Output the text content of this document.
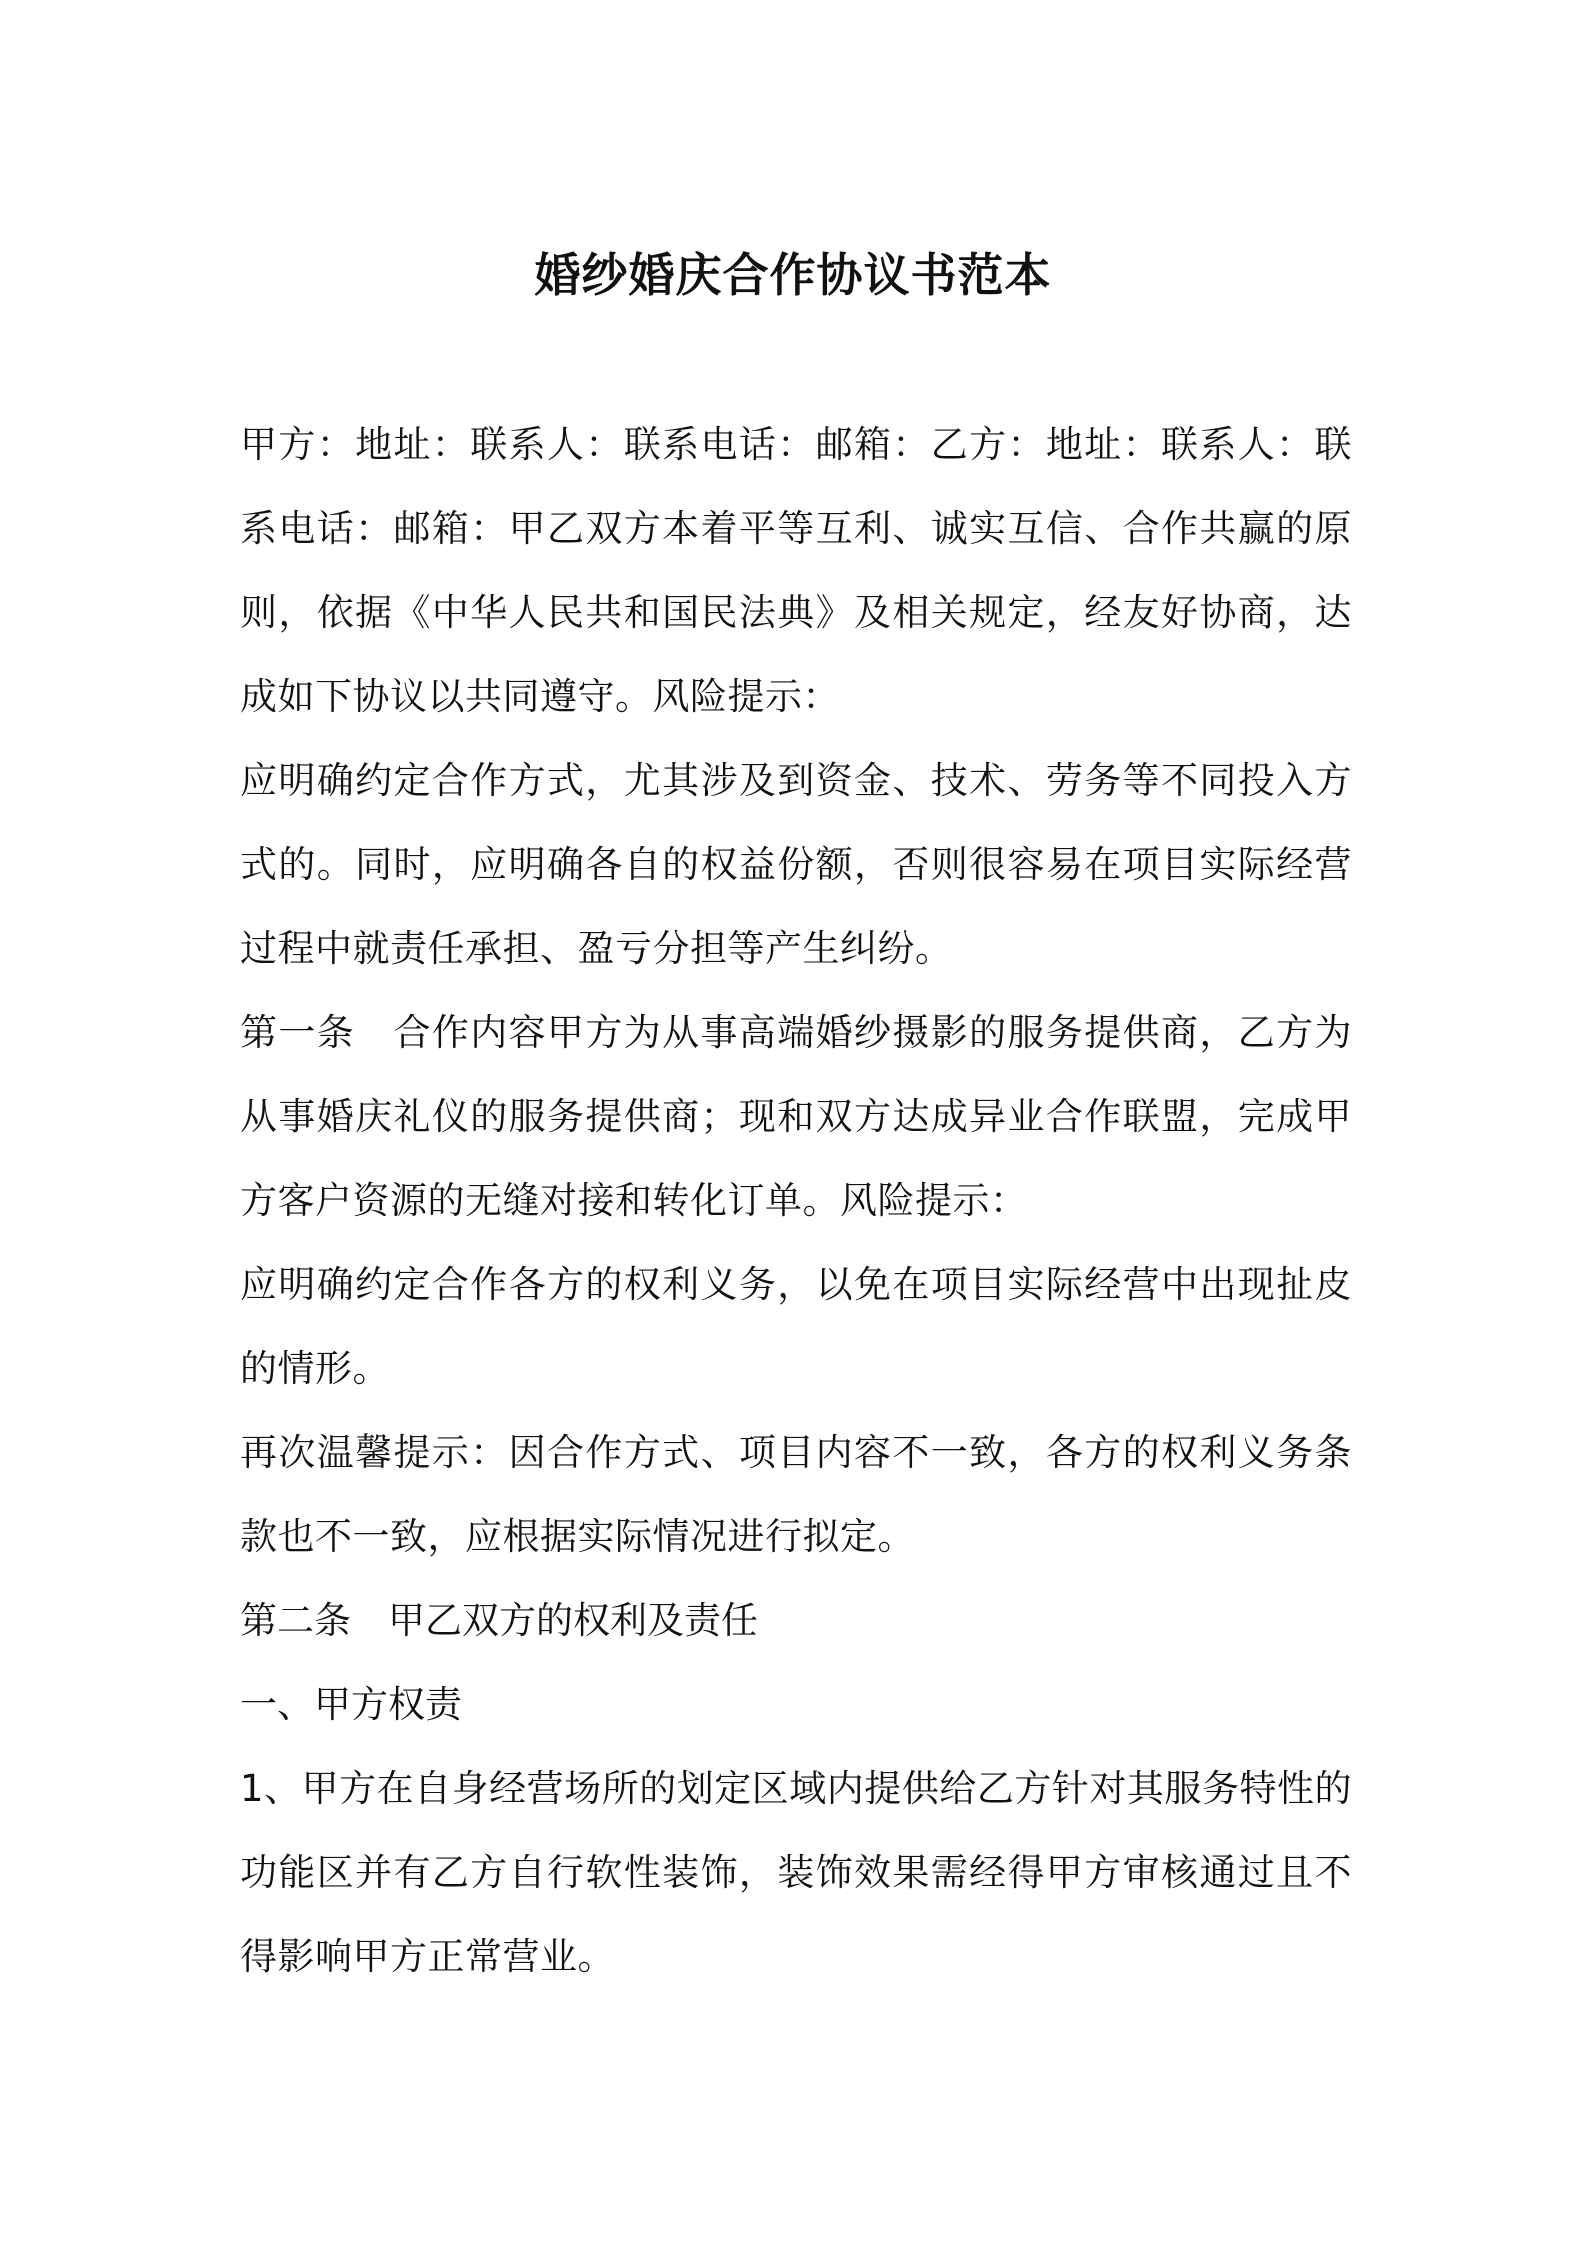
婚纱婚庆合作协议书范本

甲方：地址：联系人：联系电话：邮箱：乙方：地址：联系人：联系电话：邮箱：甲乙双方本着平等互利、诚实互信、合作共赢的原则，依据《中华人民共和国民法典》及相关规定，经友好协商，达成如下协议以共同遵守。风险提示：

应明确约定合作方式，尤其涉及到资金、技术、劳务等不同投入方式的。同时，应明确各自的权益份额，否则很容易在项目实际经营过程中就责任承担、盈亏分担等产生纠纷。

第一条　合作内容甲方为从事高端婚纱摄影的服务提供商，乙方为从事婚庆礼仪的服务提供商；现和双方达成异业合作联盟，完成甲方客户资源的无缝对接和转化订单。风险提示：

应明确约定合作各方的权利义务，以免在项目实际经营中出现扯皮的情形。

再次温馨提示：因合作方式、项目内容不一致，各方的权利义务条款也不一致，应根据实际情况进行拟定。

第二条　甲乙双方的权利及责任

一、甲方权责

1、甲方在自身经营场所的划定区域内提供给乙方针对其服务特性的功能区并有乙方自行软性装饰，装饰效果需经得甲方审核通过且不得影响甲方正常营业。
